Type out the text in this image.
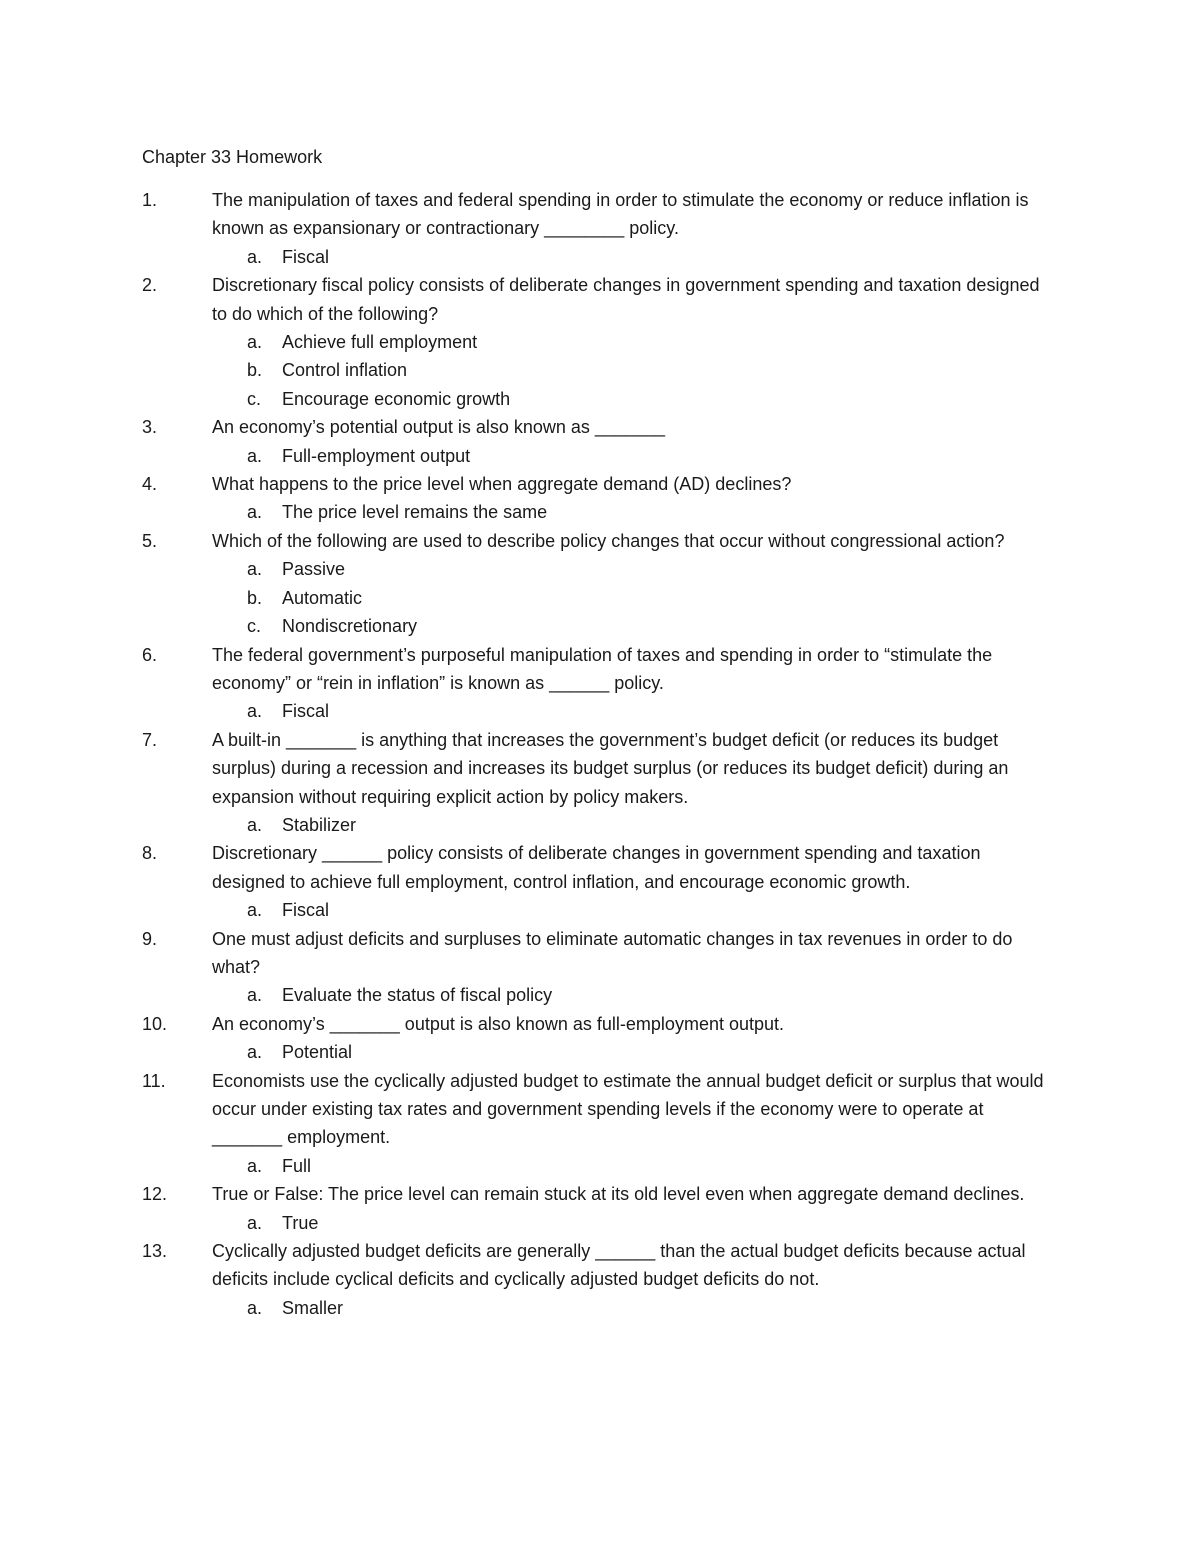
Chapter 33 Homework
1.	The manipulation of taxes and federal spending in order to stimulate the economy or reduce inflation is known as expansionary or contractionary ________ policy.
a.	Fiscal
2.	Discretionary fiscal policy consists of deliberate changes in government spending and taxation designed to do which of the following?
a.	Achieve full employment
b.	Control inflation
c.	Encourage economic growth
3.	An economy’s potential output is also known as _______
a.	Full-employment output
4.	What happens to the price level when aggregate demand (AD) declines?
a.	The price level remains the same
5.	Which of the following are used to describe policy changes that occur without congressional action?
a.	Passive
b.	Automatic
c.	Nondiscretionary
6.	The federal government’s purposeful manipulation of taxes and spending in order to “stimulate the economy” or “rein in inflation” is known as ______ policy.
a.	Fiscal
7.	A built-in _______ is anything that increases the government’s budget deficit (or reduces its budget surplus) during a recession and increases its budget surplus (or reduces its budget deficit) during an expansion without requiring explicit action by policy makers.
a.	Stabilizer
8.	Discretionary ______ policy consists of deliberate changes in government spending and taxation designed to achieve full employment, control inflation, and encourage economic growth.
a.	Fiscal
9.	One must adjust deficits and surpluses to eliminate automatic changes in tax revenues in order to do what?
a.	Evaluate the status of fiscal policy
10.	An economy’s _______ output is also known as full-employment output.
a.	Potential
11.	Economists use the cyclically adjusted budget to estimate the annual budget deficit or surplus that would occur under existing tax rates and government spending levels if the economy were to operate at _______ employment.
a.	Full
12.	True or False: The price level can remain stuck at its old level even when aggregate demand declines.
a.	True
13.	Cyclically adjusted budget deficits are generally ______ than the actual budget deficits because actual deficits include cyclical deficits and cyclically adjusted budget deficits do not.
a.	Smaller
